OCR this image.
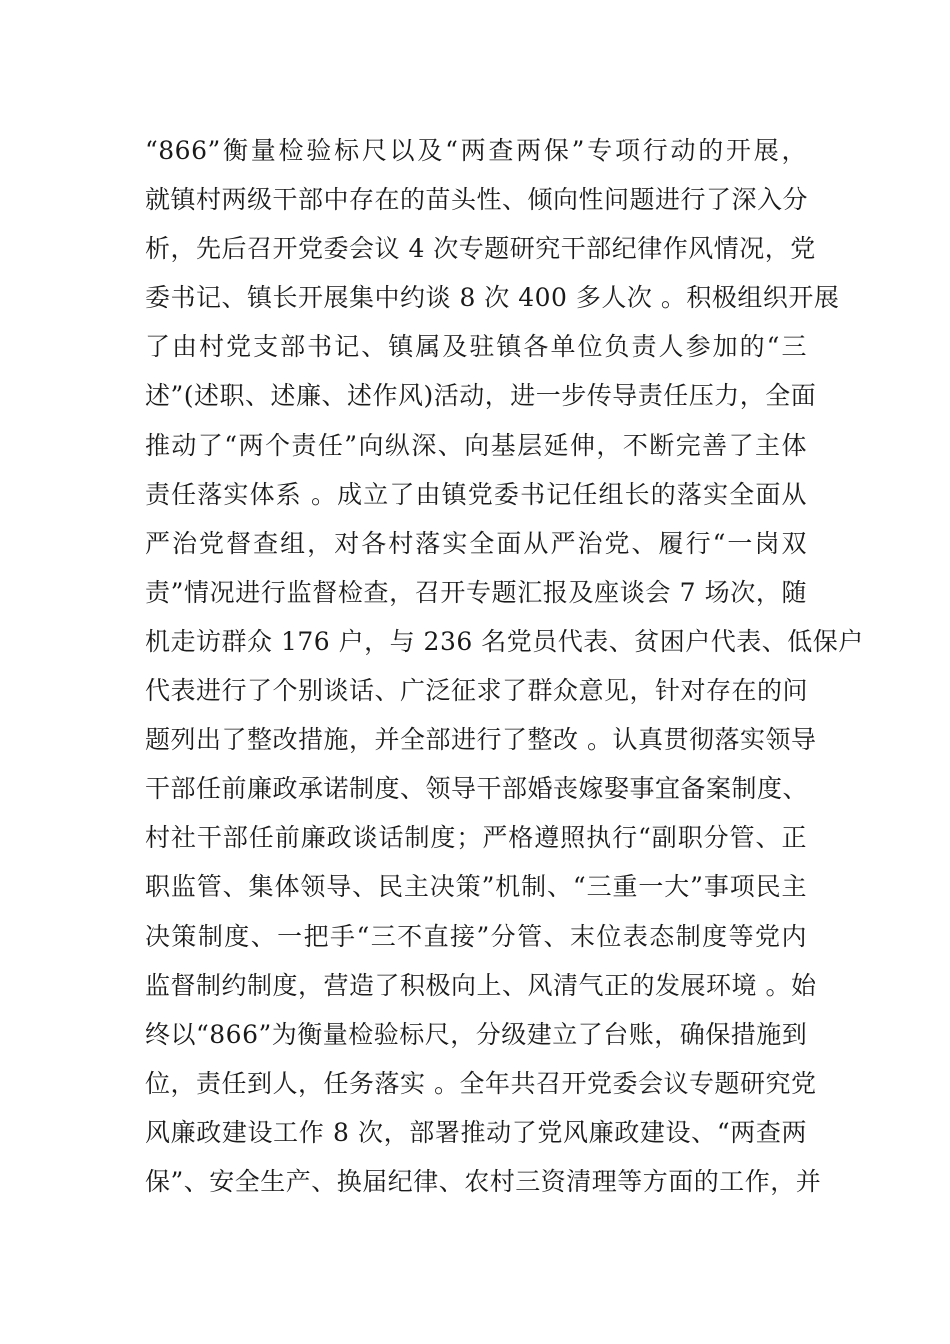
“866”衡量检验标尺以及“两查两保”专项行动的开展，
就镇村两级干部中存在的苗头性、倾向性问题进行了深入分
析，先后召开党委会议 4 次专题研究干部纪律作风情况，党
委书记、镇长开展集中约谈 8 次 400 多人次 。积极组织开展
了由村党支部书记、镇属及驻镇各单位负责人参加的“三
述”(述职、述廉、述作风)活动，进一步传导责任压力，全面
推动了“两个责任”向纵深、向基层延伸，不断完善了主体
责任落实体系 。成立了由镇党委书记任组长的落实全面从
严治党督查组，对各村落实全面从严治党、履行“一岗双
责”情况进行监督检查，召开专题汇报及座谈会 7 场次，随
机走访群众 176 户，与 236 名党员代表、贫困户代表、低保户
代表进行了个别谈话、广泛征求了群众意见，针对存在的问
题列出了整改措施，并全部进行了整改 。认真贯彻落实领导
干部任前廉政承诺制度、领导干部婚丧嫁娶事宜备案制度、
村社干部任前廉政谈话制度；严格遵照执行“副职分管、正
职监管、集体领导、民主决策”机制、“三重一大”事项民主
决策制度、一把手“三不直接”分管、末位表态制度等党内
监督制约制度，营造了积极向上、风清气正的发展环境 。始
终以“866”为衡量检验标尺，分级建立了台账，确保措施到
位，责任到人，任务落实 。全年共召开党委会议专题研究党
风廉政建设工作 8 次，部署推动了党风廉政建设、“两查两
保”、安全生产、换届纪律、农村三资清理等方面的工作，并
